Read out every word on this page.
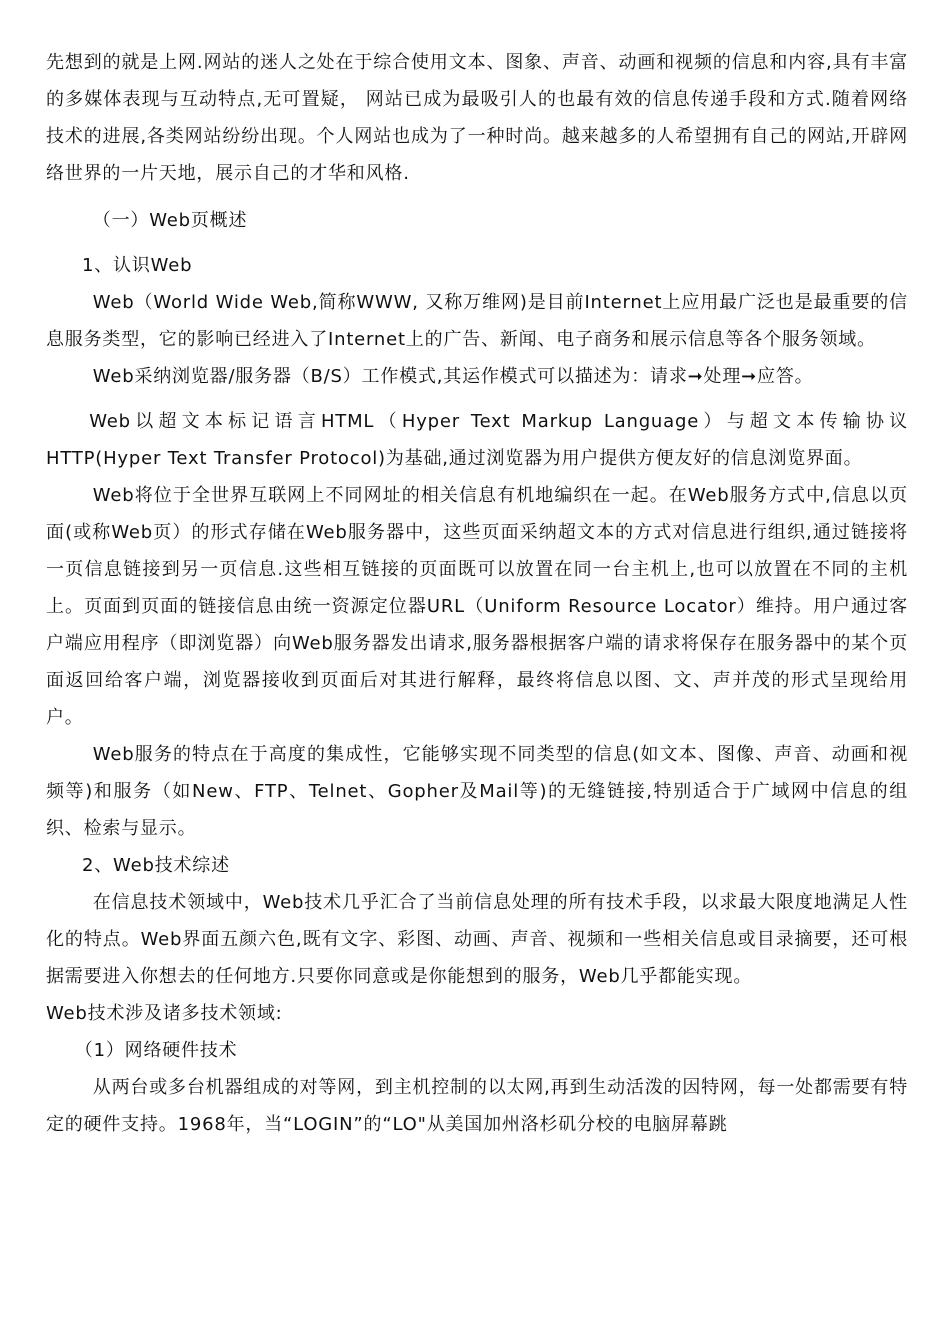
先想到的就是上网.网站的迷人之处在于综合使用文本、图象、声音、动画和视频的信息和内容,具有丰富的多媒体表现与互动特点,无可置疑， 网站已成为最吸引人的也最有效的信息传递手段和方式.随着网络技术的进展,各类网站纷纷出现。个人网站也成为了一种时尚。越来越多的人希望拥有自己的网站,开辟网络世界的一片天地，展示自己的才华和风格.

（一）Web页概述

1、认识Web

Web（World Wide Web,简称WWW, 又称万维网)是目前Internet上应用最广泛也是最重要的信息服务类型，它的影响已经进入了Internet上的广告、新闻、电子商务和展示信息等各个服务领域。

Web采纳浏览器/服务器（B/S）工作模式,其运作模式可以描述为：请求➞处理➞应答。

Web以超文本标记语言HTML（Hyper Text Markup Language）与超文本传输协议HTTP(Hyper Text Transfer Protocol)为基础,通过浏览器为用户提供方便友好的信息浏览界面。

Web将位于全世界互联网上不同网址的相关信息有机地编织在一起。在Web服务方式中,信息以页面(或称Web页）的形式存储在Web服务器中，这些页面采纳超文本的方式对信息进行组织,通过链接将一页信息链接到另一页信息.这些相互链接的页面既可以放置在同一台主机上,也可以放置在不同的主机上。页面到页面的链接信息由统一资源定位器URL（Uniform Resource Locator）维持。用户通过客户端应用程序（即浏览器）向Web服务器发出请求,服务器根据客户端的请求将保存在服务器中的某个页面返回给客户端，浏览器接收到页面后对其进行解释，最终将信息以图、文、声并茂的形式呈现给用户。

Web服务的特点在于高度的集成性，它能够实现不同类型的信息(如文本、图像、声音、动画和视频等)和服务（如New、FTP、Telnet、Gopher及Mail等)的无缝链接,特别适合于广域网中信息的组织、检索与显示。

2、Web技术综述

在信息技术领域中，Web技术几乎汇合了当前信息处理的所有技术手段，以求最大限度地满足人性化的特点。Web界面五颜六色,既有文字、彩图、动画、声音、视频和一些相关信息或目录摘要，还可根据需要进入你想去的任何地方.只要你同意或是你能想到的服务，Web几乎都能实现。

Web技术涉及诸多技术领域:

（1）网络硬件技术

从两台或多台机器组成的对等网，到主机控制的以太网,再到生动活泼的因特网，每一处都需要有特定的硬件支持。1968年，当“LOGIN”的“LO"从美国加州洛杉矶分校的电脑屏幕跳
